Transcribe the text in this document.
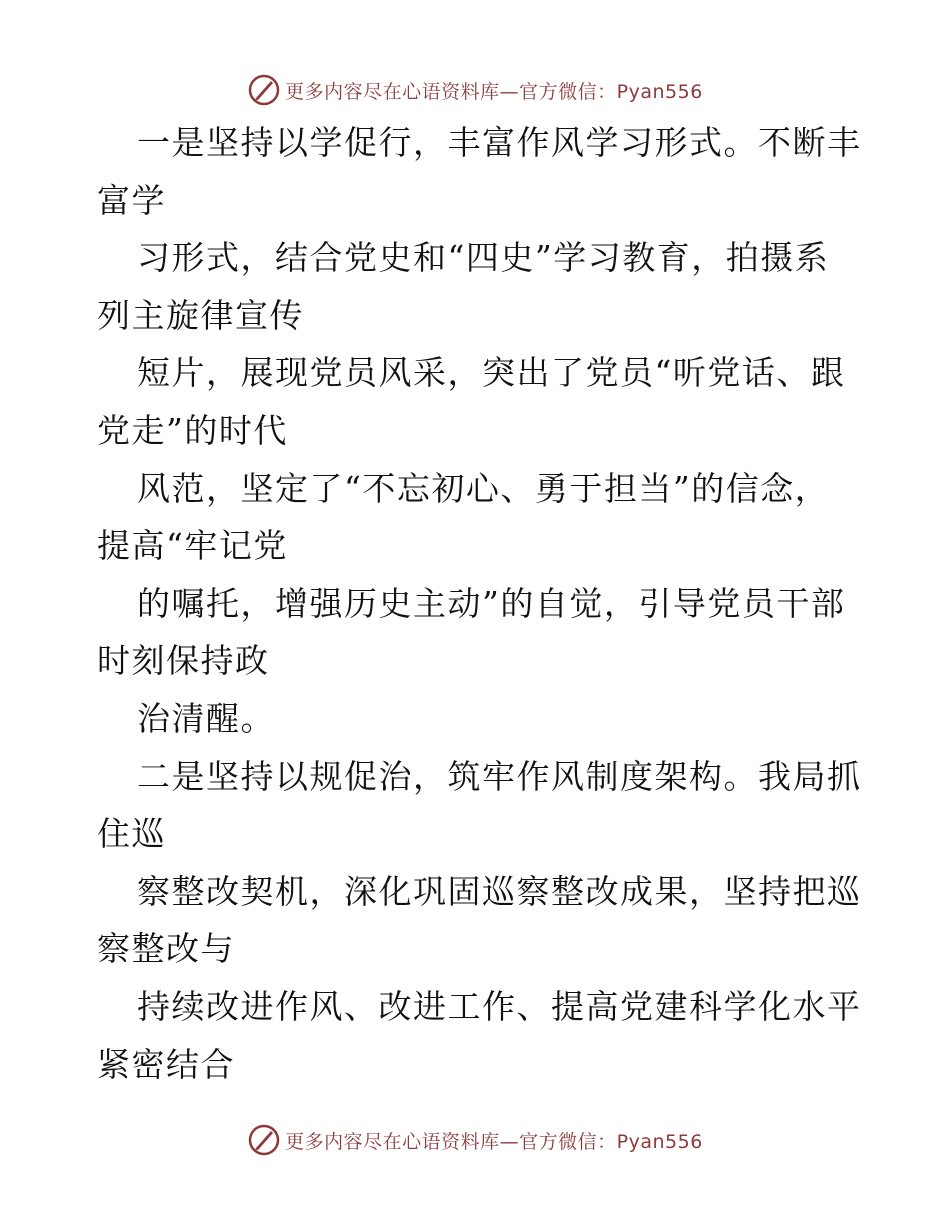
更多内容尽在心语资料库—官方微信：Pyan556
一是坚持以学促行，丰富作风学习形式。不断丰
富学
习形式，结合党史和“四史”学习教育，拍摄系
列主旋律宣传
短片，展现党员风采，突出了党员“听党话、跟
党走”的时代
风范，坚定了“不忘初心、勇于担当”的信念，
提高“牢记党
的嘱托，增强历史主动”的自觉，引导党员干部
时刻保持政
治清醒。
二是坚持以规促治，筑牢作风制度架构。我局抓
住巡
察整改契机，深化巩固巡察整改成果，坚持把巡
察整改与
持续改进作风、改进工作、提高党建科学化水平
紧密结合
更多内容尽在心语资料库—官方微信：Pyan556
